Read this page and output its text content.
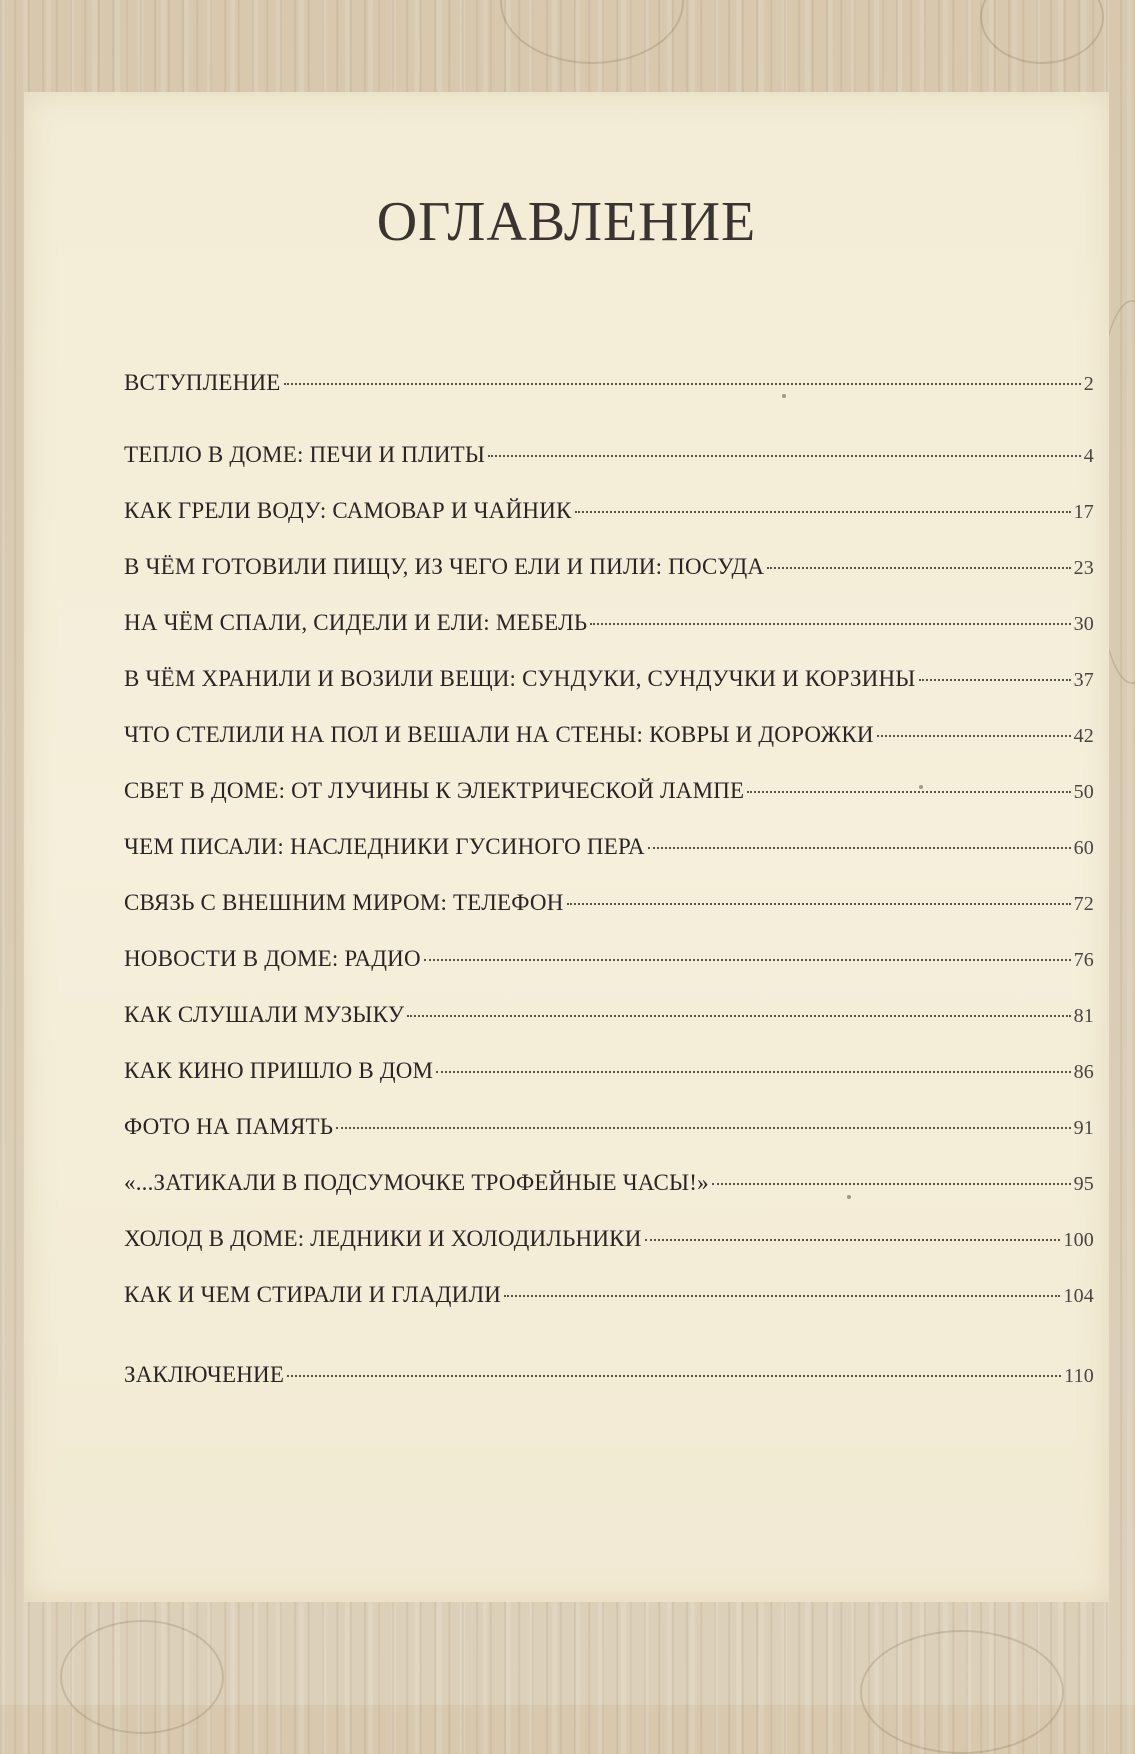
ОГЛАВЛЕНИЕ
ВСТУПЛЕНИЕ	2
ТЕПЛО В ДОМЕ: ПЕЧИ И ПЛИТЫ	4
КАК ГРЕЛИ ВОДУ: САМОВАР И ЧАЙНИК	17
В ЧЁМ ГОТОВИЛИ ПИЩУ, ИЗ ЧЕГО ЕЛИ И ПИЛИ: ПОСУДА	23
НА ЧЁМ СПАЛИ, СИДЕЛИ И ЕЛИ: МЕБЕЛЬ	30
В ЧЁМ ХРАНИЛИ И ВОЗИЛИ ВЕЩИ: СУНДУКИ, СУНДУЧКИ И КОРЗИНЫ	37
ЧТО СТЕЛИЛИ НА ПОЛ И ВЕШАЛИ НА СТЕНЫ: КОВРЫ И ДОРОЖКИ	42
СВЕТ В ДОМЕ: ОТ ЛУЧИНЫ К ЭЛЕКТРИЧЕСКОЙ ЛАМПЕ	50
ЧЕМ ПИСАЛИ: НАСЛЕДНИКИ ГУСИНОГО ПЕРА	60
СВЯЗЬ С ВНЕШНИМ МИРОМ: ТЕЛЕФОН	72
НОВОСТИ В ДОМЕ: РАДИО	76
КАК СЛУШАЛИ МУЗЫКУ	81
КАК КИНО ПРИШЛО В ДОМ	86
ФОТО НА ПАМЯТЬ	91
«...ЗАТИКАЛИ В ПОДСУМОЧКЕ ТРОФЕЙНЫЕ ЧАСЫ!»	95
ХОЛОД В ДОМЕ: ЛЕДНИКИ И ХОЛОДИЛЬНИКИ	100
КАК И ЧЕМ СТИРАЛИ И ГЛАДИЛИ	104
ЗАКЛЮЧЕНИЕ	110
